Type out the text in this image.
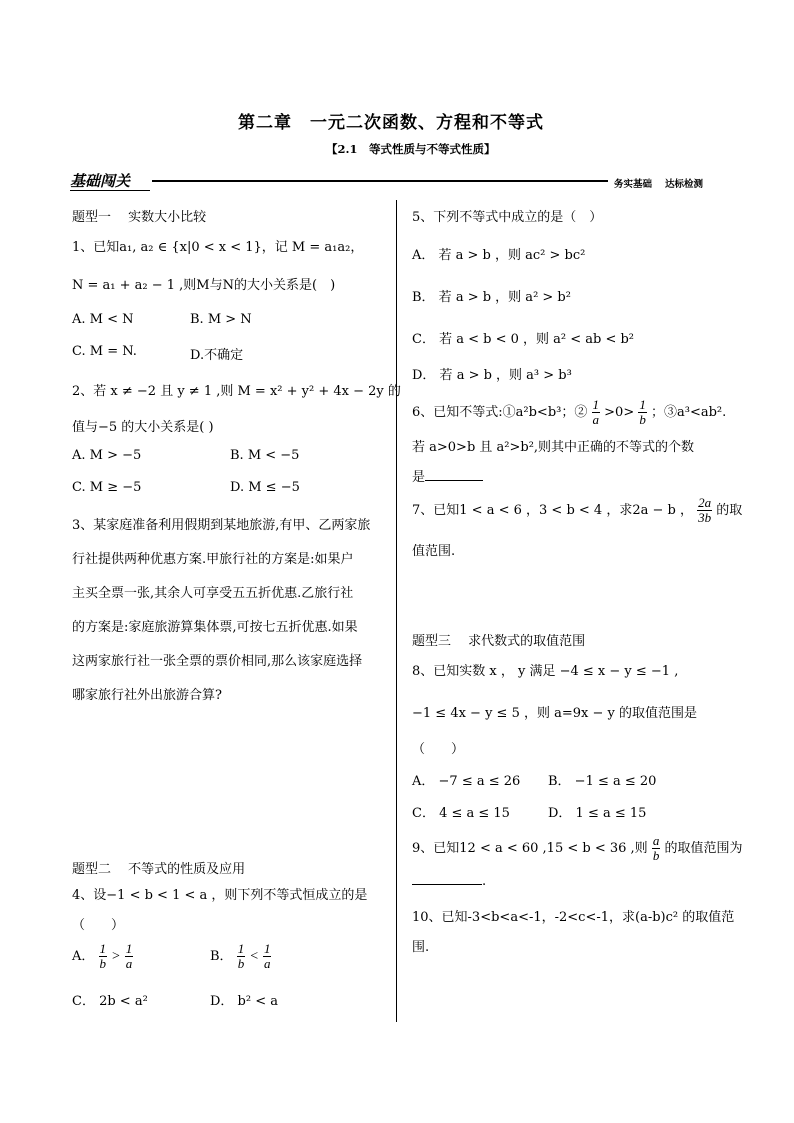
第二章　一元二次函数、方程和不等式
【2.1　等式性质与不等式性质】
基础闯关	务实基础 达标检测
题型一　 实数大小比较
1、已知a₁, a₂ ∈ {x|0 < x < 1}，记 M = a₁a₂，
N = a₁ + a₂ − 1 ,则M与N的大小关系是(　)
A. M < N	B. M > N
C. M = N.	D.不确定
2、若 x ≠ −2 且 y ≠ 1 ,则 M = x² + y² + 4x − 2y 的
值与−5 的大小关系是( )
A. M > −5	B. M < −5
C. M ≥ −5	D. M ≤ −5
3、某家庭准备利用假期到某地旅游,有甲、乙两家旅
行社提供两种优惠方案.甲旅行社的方案是:如果户
主买全票一张,其余人可享受五五折优惠.乙旅行社
的方案是:家庭旅游算集体票,可按七五折优惠.如果
这两家旅行社一张全票的票价相同,那么该家庭选择
哪家旅行社外出旅游合算?
题型二　 不等式的性质及应用
4、设−1 < b < 1 < a ，则下列不等式恒成立的是
（　　）
A． $\frac{1}{b} > \frac{1}{a}$	B． $\frac{1}{b} < \frac{1}{a}$
C． 2b < a²	D． b² < a
5、下列不等式中成立的是（　）
A． 若 a > b ，则 ac² > bc²
B． 若 a > b ，则 a² > b²
C． 若 a < b < 0 ，则 a² < ab < b²
D． 若 a > b ，则 a³ > b³
6、已知不等式:①a²b<b³；② $\frac{1}{a} >0> \frac{1}{b}$ ；③a³<ab².
若 a>0>b 且 a²>b²,则其中正确的不等式的个数
是
7、已知1 < a < 6 ，3 < b < 4 ，求2a − b ， $\frac{2a}{3b}$ 的取
值范围.
题型三　 求代数式的取值范围
8、已知实数 x ， y 满足 −4 ≤ x − y ≤ −1 ,
−1 ≤ 4x − y ≤ 5 ，则 a=9x − y 的取值范围是
（　　）
A． −7 ≤ a ≤ 26 B． −1 ≤ a ≤ 20
C． 4 ≤ a ≤ 15	D． 1 ≤ a ≤ 15
9、已知12 < a < 60 ,15 < b < 36 ,则 $\frac{a}{b}$ 的取值范围为
.
10、已知-3<b<a<-1，-2<c<-1，求(a-b)c² 的取值范
围.
